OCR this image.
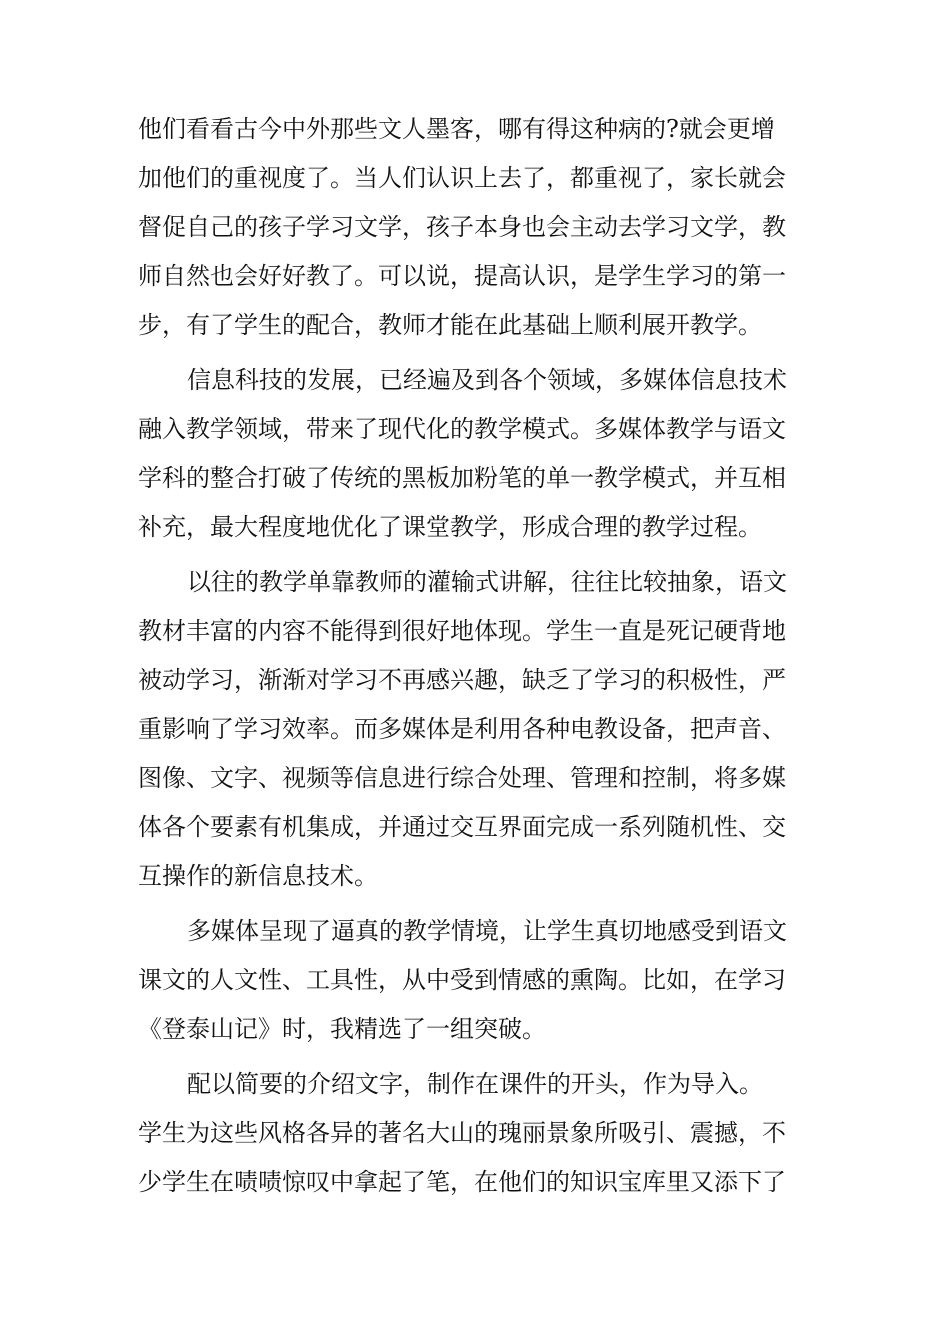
他们看看古今中外那些文人墨客，哪有得这种病的?就会更增

加他们的重视度了。当人们认识上去了，都重视了，家长就会

督促自己的孩子学习文学，孩子本身也会主动去学习文学，教

师自然也会好好教了。可以说，提高认识，是学生学习的第一

步，有了学生的配合，教师才能在此基础上顺利展开教学。

信息科技的发展，已经遍及到各个领域，多媒体信息技术

融入教学领域，带来了现代化的教学模式。多媒体教学与语文

学科的整合打破了传统的黑板加粉笔的单一教学模式，并互相

补充，最大程度地优化了课堂教学，形成合理的教学过程。

以往的教学单靠教师的灌输式讲解，往往比较抽象，语文

教材丰富的内容不能得到很好地体现。学生一直是死记硬背地

被动学习，渐渐对学习不再感兴趣，缺乏了学习的积极性，严

重影响了学习效率。而多媒体是利用各种电教设备，把声音、

图像、文字、视频等信息进行综合处理、管理和控制，将多媒

体各个要素有机集成，并通过交互界面完成一系列随机性、交

互操作的新信息技术。

多媒体呈现了逼真的教学情境，让学生真切地感受到语文

课文的人文性、工具性，从中受到情感的熏陶。比如，在学习

《登泰山记》时，我精选了一组突破。

配以简要的介绍文字，制作在课件的开头，作为导入。

学生为这些风格各异的著名大山的瑰丽景象所吸引、震撼，不

少学生在啧啧惊叹中拿起了笔，在他们的知识宝库里又添下了
